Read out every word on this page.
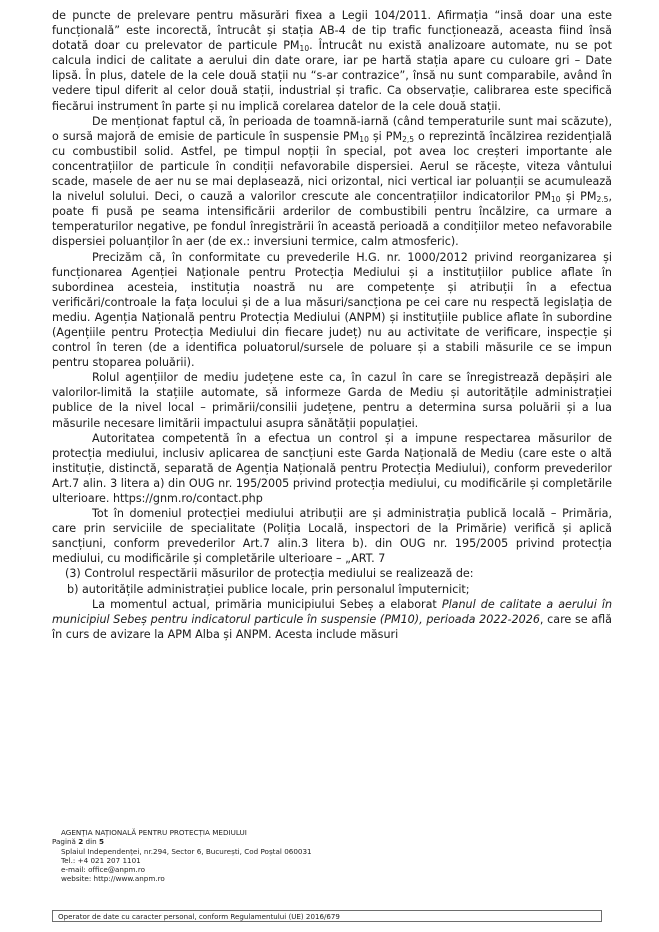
de puncte de prelevare pentru măsurări fixea a Legii 104/2011. Afirmația “insă doar una este funcțională” este incorectă, întrucât și stația AB-4 de tip trafic funcționează, aceasta fiind însă dotată doar cu prelevator de particule $PM_{10}$. Întrucât nu există analizoare automate, nu se pot calcula indici de calitate a aerului din date orare, iar pe hartă stația apare cu culoare gri – Date lipsă. În plus, datele de la cele două stații nu “s-ar contrazice”, însă nu sunt comparabile, având în vedere tipul diferit al celor două stații, industrial și trafic. Ca observație, calibrarea este specifică fiecărui instrument în parte și nu implică corelarea datelor de la cele două stații.

De menționat faptul că, în perioada de toamnă-iarnă (când temperaturile sunt mai scăzute), o sursă majoră de emisie de particule în suspensie $PM_{10}$ și $PM_{2,5}$ o reprezintă încălzirea rezidențială cu combustibil solid. Astfel, pe timpul nopții în special, pot avea loc creșteri importante ale concentrațiilor de particule în condiții nefavorabile dispersiei. Aerul se răcește, viteza vântului scade, masele de aer nu se mai deplasează, nici orizontal, nici vertical iar poluanții se acumulează la nivelul solului. Deci, o cauză a valorilor crescute ale concentrațiilor indicatorilor $PM_{10}$ și $PM_{2.5}$, poate fi pusă pe seama intensificării arderilor de combustibili pentru încălzire, ca urmare a temperaturilor negative, pe fondul înregistrării în această perioadă a condițiilor meteo nefavorabile dispersiei poluanților în aer (de ex.: inversiuni termice, calm atmosferic).

Precizăm că, în conformitate cu prevederile H.G. nr. 1000/2012 privind reorganizarea și funcționarea Agenției Naționale pentru Protecția Mediului și a instituțiilor publice aflate în subordinea acesteia, instituția noastră nu are competențe și atribuții în a efectua verificări/controale la fața locului și de a lua măsuri/sancționa pe cei care nu respectă legislația de mediu. Agenția Națională pentru Protecția Mediului (ANPM) și instituțiile publice aflate în subordine (Agențiile pentru Protecția Mediului din fiecare județ) nu au activitate de verificare, inspecție și control în teren (de a identifica poluatorul/sursele de poluare și a stabili măsurile ce se impun pentru stoparea poluării).

Rolul agențiilor de mediu județene este ca, în cazul în care se înregistrează depășiri ale valorilor-limită la stațiile automate, să informeze Garda de Mediu și autoritățile administrației publice de la nivel local – primării/consilii județene, pentru a determina sursa poluării și a lua măsurile necesare limitării impactului asupra sănătății populației.

Autoritatea competentă în a efectua un control și a impune respectarea măsurilor de protecția mediului, inclusiv aplicarea de sancțiuni este Garda Națională de Mediu (care este o altă instituție, distinctă, separată de Agenția Națională pentru Protecția Mediului), conform prevederilor Art.7 alin. 3 litera a) din OUG nr. 195/2005 privind protecția mediului, cu modificările și completările ulterioare. https://gnm.ro/contact.php

Tot în domeniul protecției mediului atribuții are și administrația publică locală – Primăria, care prin serviciile de specialitate (Poliția Locală, inspectori de la Primărie) verifică și aplică sancțiuni, conform prevederilor Art.7 alin.3 litera b). din OUG nr. 195/2005 privind protecția mediului, cu modificările și completările ulterioare – „ART. 7

(3) Controlul respectării măsurilor de protecția mediului se realizează de:

b) autoritățile administrației publice locale, prin personalul împuternicit;

La momentul actual, primăria municipiului Sebeș a elaborat Planul de calitate a aerului în municipiul Sebeș pentru indicatorul particule în suspensie (PM10), perioada 2022-2026, care se află în curs de avizare la APM Alba și ANPM. Acesta include măsuri

AGENȚIA NAȚIONALĂ PENTRU PROTECȚIA MEDIULUI
Pagină 2 din 5
Splaiul Independenței, nr.294, Sector 6, București, Cod Poștal 060031
Tel.: +4 021 207 1101
e-mail: office@anpm.ro
website: http://www.anpm.ro
Operator de date cu caracter personal, conform Regulamentului (UE) 2016/679
